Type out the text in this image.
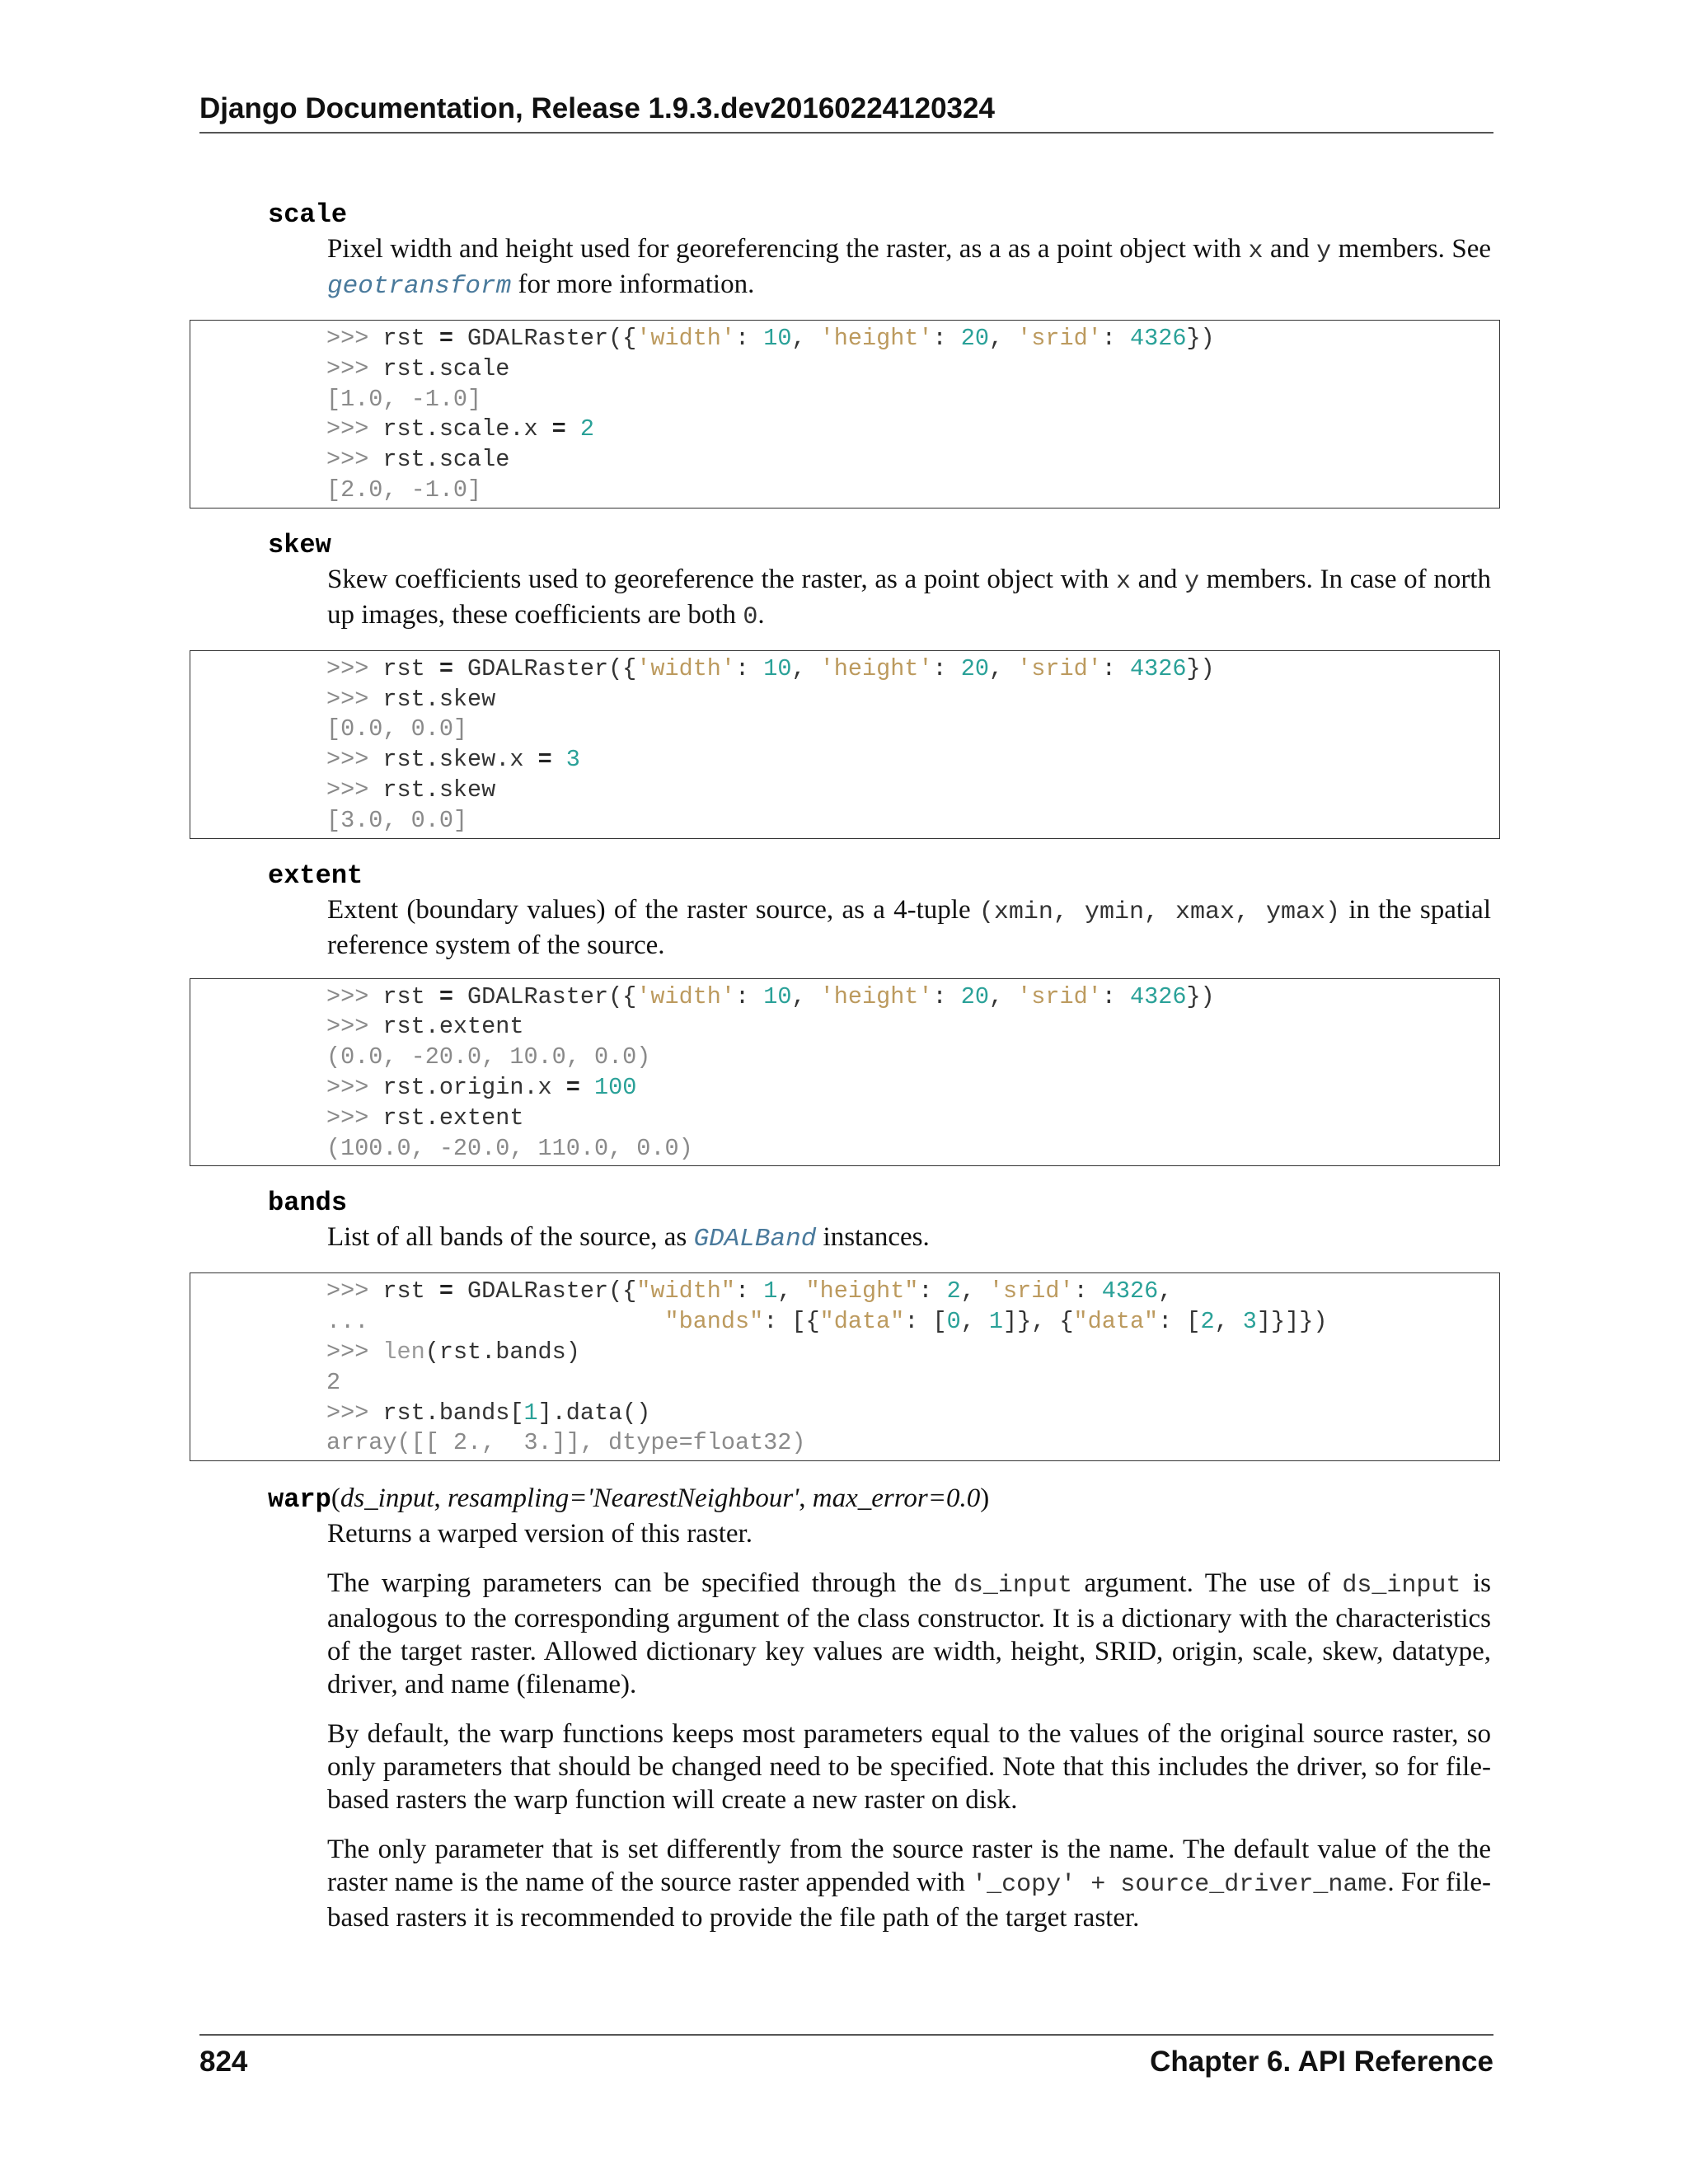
Django Documentation, Release 1.9.3.dev20160224120324
scale

Pixel width and height used for georeferencing the raster, as a as a point object with x and y members. See geotransform for more information.

>>> rst = GDALRaster({'width': 10, 'height': 20, 'srid': 4326})
>>> rst.scale
[1.0, -1.0]
>>> rst.scale.x = 2
>>> rst.scale
[2.0, -1.0]
skew

Skew coefficients used to georeference the raster, as a point object with x and y members. In case of north up images, these coefficients are both 0.

>>> rst = GDALRaster({'width': 10, 'height': 20, 'srid': 4326})
>>> rst.skew
[0.0, 0.0]
>>> rst.skew.x = 3
>>> rst.skew
[3.0, 0.0]
extent

Extent (boundary values) of the raster source, as a 4-tuple (xmin, ymin, xmax, ymax) in the spatial reference system of the source.

>>> rst = GDALRaster({'width': 10, 'height': 20, 'srid': 4326})
>>> rst.extent
(0.0, -20.0, 10.0, 0.0)
>>> rst.origin.x = 100
>>> rst.extent
(100.0, -20.0, 110.0, 0.0)
bands

List of all bands of the source, as GDALBand instances.

>>> rst = GDALRaster({"width": 1, "height": 2, 'srid': 4326,
...	"bands": [{"data": [0, 1]}, {"data": [2, 3]}]})
>>> len(rst.bands)
2
>>> rst.bands[1].data()
array([[ 2.,  3.]], dtype=float32)
warp(ds_input, resampling='NearestNeighbour', max_error=0.0)

Returns a warped version of this raster.

The warping parameters can be specified through the ds_input argument. The use of ds_input is analogous to the corresponding argument of the class constructor. It is a dictionary with the characteristics of the target raster. Allowed dictionary key values are width, height, SRID, origin, scale, skew, datatype, driver, and name (filename).

By default, the warp functions keeps most parameters equal to the values of the original source raster, so only parameters that should be changed need to be specified. Note that this includes the driver, so for file-based rasters the warp function will create a new raster on disk.

The only parameter that is set differently from the source raster is the name. The default value of the the raster name is the name of the source raster appended with '_copy' + source_driver_name. For file-based rasters it is recommended to provide the file path of the target raster.

824	Chapter 6. API Reference
